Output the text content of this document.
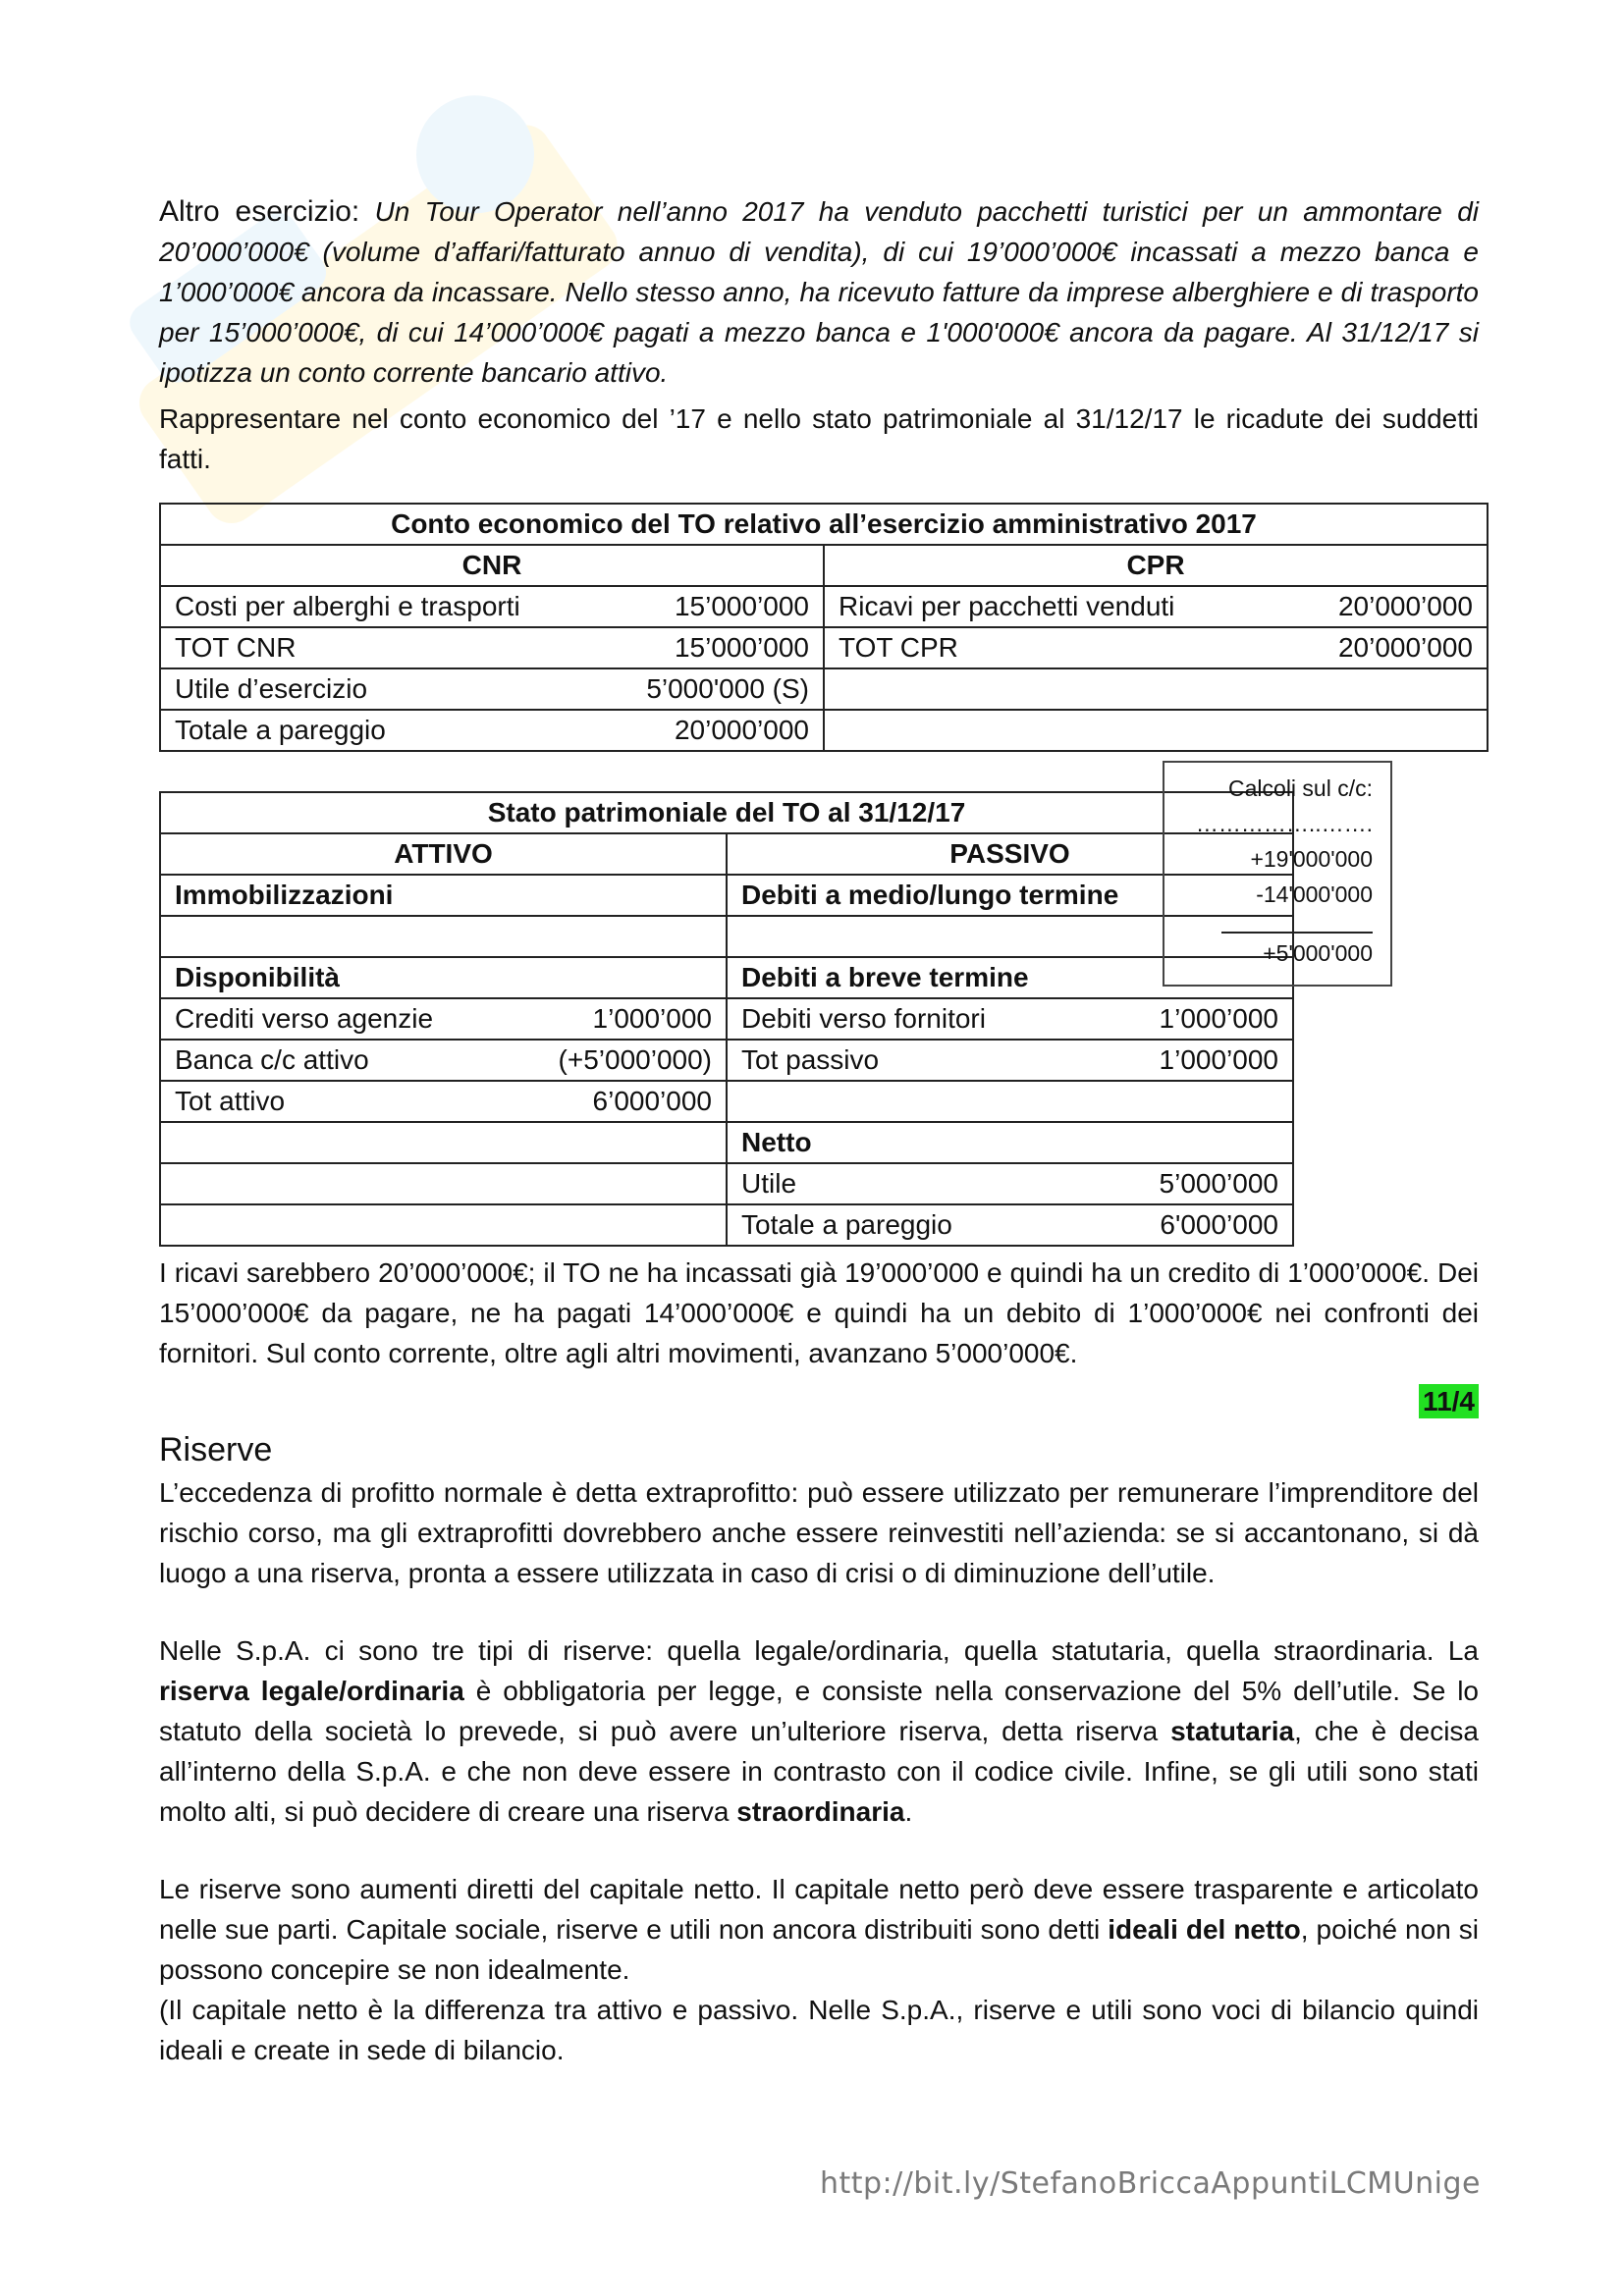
Altro esercizio: Un Tour Operator nell’anno 2017 ha venduto pacchetti turistici per un ammontare di 20’000’000€ (volume d’affari/fatturato annuo di vendita), di cui 19’000’000€ incassati a mezzo banca e 1’000’000€ ancora da incassare. Nello stesso anno, ha ricevuto fatture da imprese alberghiere e di trasporto per 15’000’000€, di cui 14’000’000€ pagati a mezzo banca e 1'000'000€ ancora da pagare. Al 31/12/17 si ipotizza un conto corrente bancario attivo.

Rappresentare nel conto economico del ’17 e nello stato patrimoniale al 31/12/17 le ricadute dei suddetti fatti.

Conto economico del TO relativo all’esercizio amministrativo 2017	
CNR	CPR

Costi per alberghi e trasporti 15’000’000	Ricavi per pacchetti venduti 20’000’000

TOT CNR 15’000’000	TOT CPR 20’000’000

Utile d’esercizio 5’000'000 (S)	

Totale a pareggio 20’000’000	

Stato patrimoniale del TO al 31/12/17	
ATTIVO	PASSIVO

Immobilizzazioni	Debiti a medio/lungo termine

Disponibilità	Debiti a breve termine

Crediti verso agenzie 1’000’000	Debiti verso fornitori 1’000’000

Banca c/c attivo (+5’000’000)	Tot passivo 1’000’000

Tot attivo 6’000’000	

	Netto

	Utile 5’000’000

	Totale a pareggio 6'000’000

I ricavi sarebbero 20’000’000€; il TO ne ha incassati già 19’000’000 e quindi ha un credito di 1’000’000€. Dei 15’000’000€ da pagare, ne ha pagati 14’000’000€ e quindi ha un debito di 1’000’000€ nei confronti dei fornitori. Sul conto corrente, oltre agli altri movimenti, avanzano 5’000’000€.

11/4
Riserve

L’eccedenza di profitto normale è detta extraprofitto: può essere utilizzato per remunerare l’imprenditore del rischio corso, ma gli extraprofitti dovrebbero anche essere reinvestiti nell’azienda: se si accantonano, si dà luogo a una riserva, pronta a essere utilizzata in caso di crisi o di diminuzione dell’utile.

Nelle S.p.A. ci sono tre tipi di riserve: quella legale/ordinaria, quella statutaria, quella straordinaria. La riserva legale/ordinaria è obbligatoria per legge, e consiste nella conservazione del 5% dell’utile. Se lo statuto della società lo prevede, si può avere un’ulteriore riserva, detta riserva statutaria, che è decisa all’interno della S.p.A. e che non deve essere in contrasto con il codice civile. Infine, se gli utili sono stati molto alti, si può decidere di creare una riserva straordinaria.

Le riserve sono aumenti diretti del capitale netto. Il capitale netto però deve essere trasparente e articolato nelle sue parti. Capitale sociale, riserve e utili non ancora distribuiti sono detti ideali del netto, poiché non si possono concepire se non idealmente.

(Il capitale netto è la differenza tra attivo e passivo. Nelle S.p.A., riserve e utili sono voci di bilancio quindi ideali e create in sede di bilancio.

Calcoli sul c/c:
……………..…….
+19'000'000
-14'000'000
+5'000'000
http://bit.ly/StefanoBriccaAppuntiLCMUnige
